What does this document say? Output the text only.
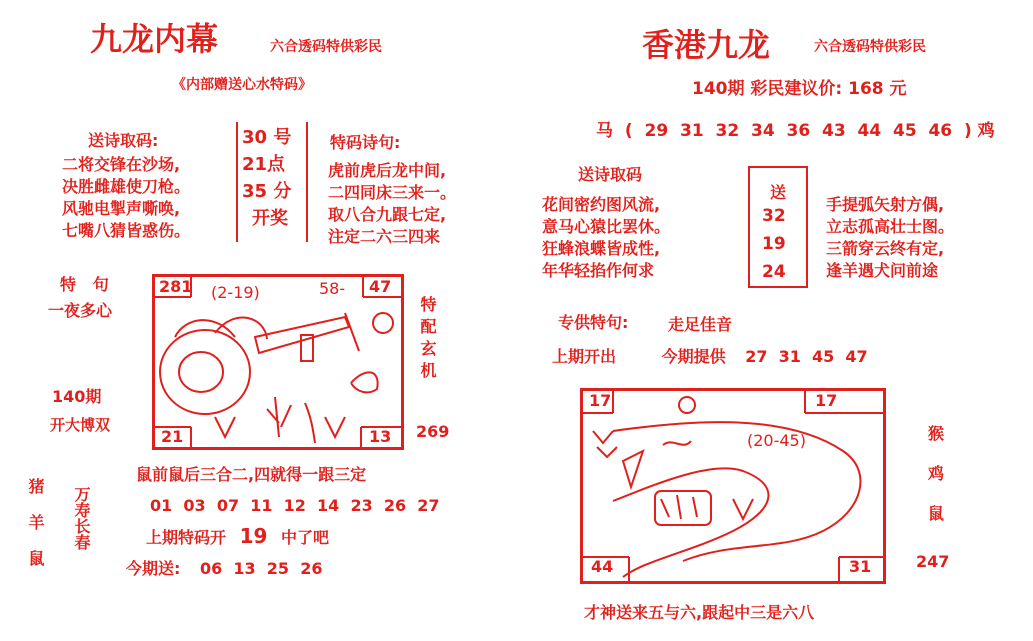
九龙内幕	六合透码特供彩民
《内部赠送心水特码》
送诗取码:
二将交锋在沙场,
决胜雌雄使刀枪。
风驰电掣声嘶唤,
七嘴八猜皆惑伤。
30 号
21点
35 分
开奖
特码诗句:
虎前虎后龙中间,
二四同床三来一。
取八合九跟七定,
注定二六三四来
特   句
一夜多心
140期
开大博双
特配玄机
269
281	47
21	13
(2-19)	58-
鼠前鼠后三合二,四就得一跟三定
01  03  07  11  12  14  23  26  27
上期特码开 19 中了吧
今期送: 06  13  25  26
猪羊鼠 万寿长春
香港九龙	六合透码特供彩民
140期 彩民建议价: 168 元
马 (  29  31  32  34  36  43  44  45  46  ) 鸡
送诗取码
花间密约图风流,
意马心猿比罢休。
狂蜂浪蝶皆成性,
年华轻掐作何求
送
32
19
24
手提弧矢射方偶,
立志孤高壮士图。
三箭穿云终有定,
逢羊遇犬问前途
专供特句: 走足佳音
上期开出	今期提供 27  31  45  47
17	17
44	31
(20-45)	猴
鸡
鼠
247
才神送来五与六,跟起中三是六八
